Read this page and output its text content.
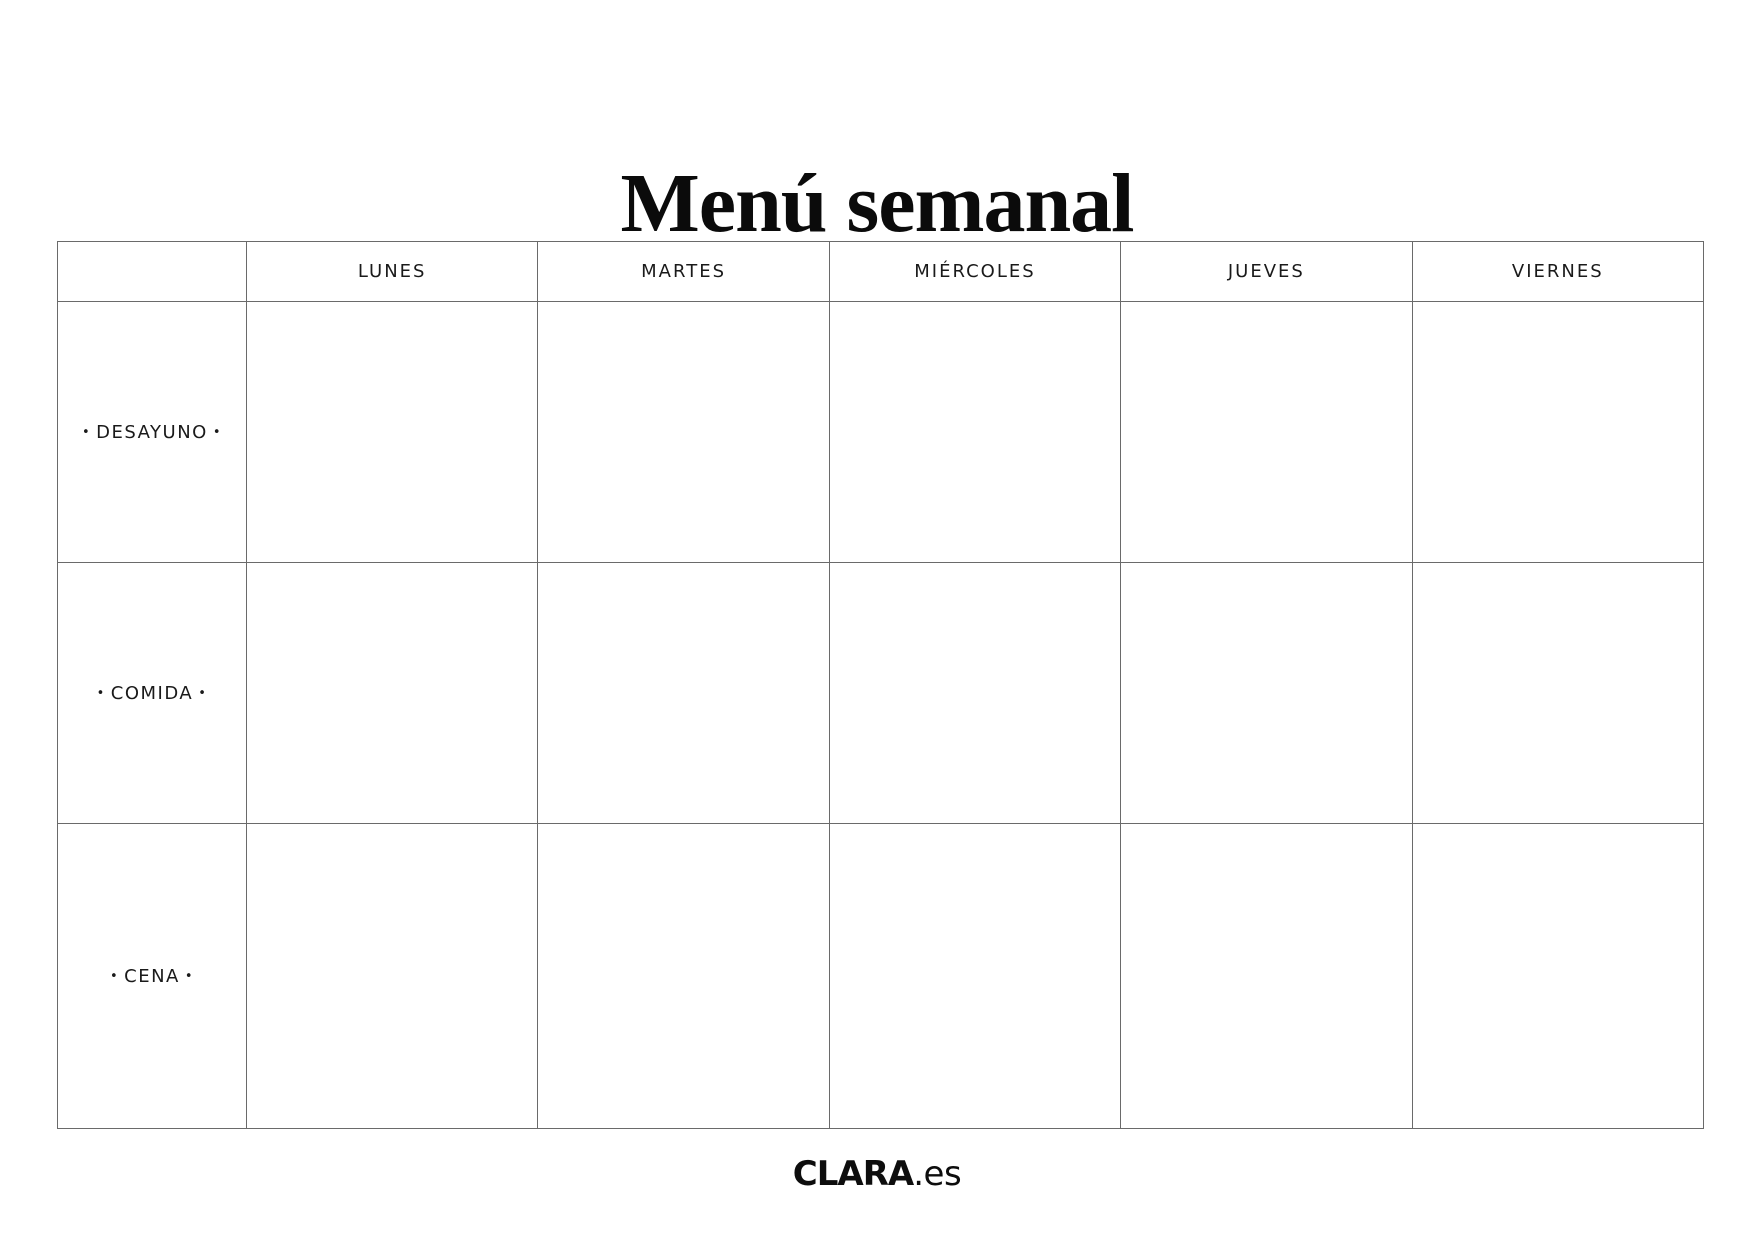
Menú semanal
	LUNES	MARTES	MIÉRCOLES	JUEVES	VIERNES
• DESAYUNO •					
• COMIDA •					
• CENA •					
CLARA.es
